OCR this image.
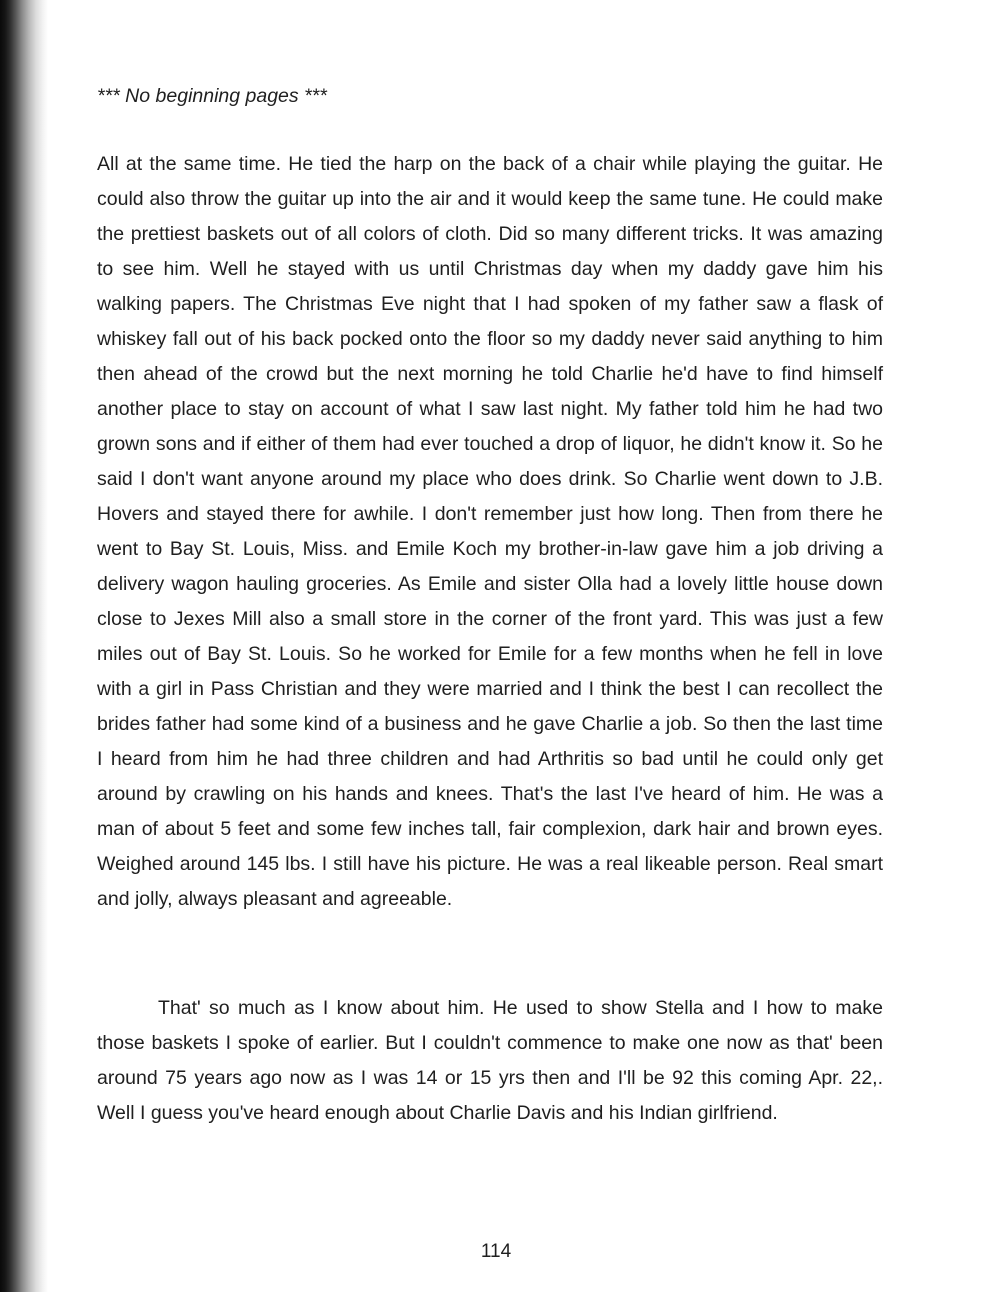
*** No beginning pages ***

All at the same time. He tied the harp on the back of a chair while playing the guitar. He could also throw the guitar up into the air and it would keep the same tune. He could make the prettiest baskets out of all colors of cloth. Did so many different tricks. It was amazing to see him. Well he stayed with us until Christmas day when my daddy gave him his walking papers. The Christmas Eve night that I had spoken of my father saw a flask of whiskey fall out of his back pocked onto the floor so my daddy never said anything to him then ahead of the crowd but the next morning he told Charlie he'd have to find himself another place to stay on account of what I saw last night. My father told him he had two grown sons and if either of them had ever touched a drop of liquor, he didn't know it. So he said I don't want anyone around my place who does drink. So Charlie went down to J.B. Hovers and stayed there for awhile. I don't remember just how long. Then from there he went to Bay St. Louis, Miss. and Emile Koch my brother-in-law gave him a job driving a delivery wagon hauling groceries. As Emile and sister Olla had a lovely little house down close to Jexes Mill also a small store in the corner of the front yard. This was just a few miles out of Bay St. Louis. So he worked for Emile for a few months when he fell in love with a girl in Pass Christian and they were married and I think the best I can recollect the brides father had some kind of a business and he gave Charlie a job. So then the last time I heard from him he had three children and had Arthritis so bad until he could only get around by crawling on his hands and knees. That's the last I've heard of him. He was a man of about 5 feet and some few inches tall, fair complexion, dark hair and brown eyes. Weighed around 145 lbs. I still have his picture. He was a real likeable person. Real smart and jolly, always pleasant and agreeable.

That' so much as I know about him. He used to show Stella and I how to make those baskets I spoke of earlier. But I couldn't commence to make one now as that' been around 75 years ago now as I was 14 or 15 yrs then and I'll be 92 this coming Apr. 22,. Well I guess you've heard enough about Charlie Davis and his Indian girlfriend.

114
